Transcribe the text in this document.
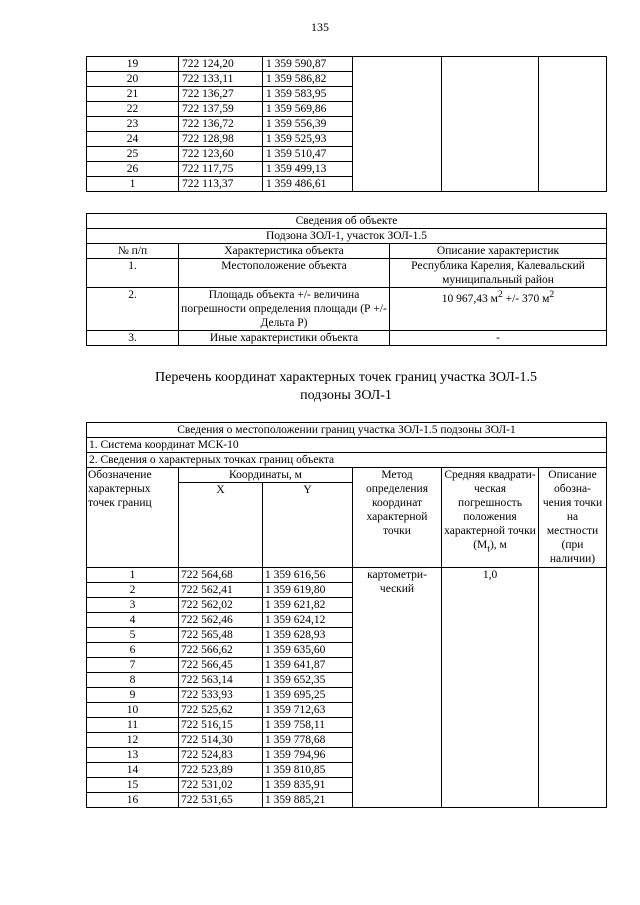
135
19	722 124,20	1 359 590,87			
20	722 133,11	1 359 586,82			
21	722 136,27	1 359 583,95			
22	722 137,59	1 359 569,86			
23	722 136,72	1 359 556,39			
24	722 128,98	1 359 525,93			
25	722 123,60	1 359 510,47			
26	722 117,75	1 359 499,13			
1	722 113,37	1 359 486,61			
Сведения об объекте		
Подзона ЗОЛ-1, участок ЗОЛ-1.5		
№ п/п	Характеристика объекта	Описание характеристик
1.	Местоположение объекта	Республика Карелия, Калевальский муниципальный район
2.	Площадь объекта +/- величина погрешности определения площади (Р +/- Дельта Р)	10 967,43 $м^2$ +/- 370 $м^2$
3.	Иные характеристики объекта	-
Перечень координат характерных точек границ участка ЗОЛ-1.5
подзоны ЗОЛ-1
Сведения о местоположении границ участка ЗОЛ-1.5 подзоны ЗОЛ-1					
1. Система координат МСК-10					
2. Сведения о характерных точках границ объекта					
Обозначение характерных точек границ	Координаты, м		Метод определения координат характерной точки	Средняя квадрати-ческая погрешность положения характерной точки $(М_t)$, м	Описание обозна-чения точки на местности (при наличии)
	X	Y			
1	722 564,68	1 359 616,56	картометри-ческий	1,0	
2	722 562,41	1 359 619,80			
3	722 562,02	1 359 621,82			
4	722 562,46	1 359 624,12			
5	722 565,48	1 359 628,93			
6	722 566,62	1 359 635,60			
7	722 566,45	1 359 641,87			
8	722 563,14	1 359 652,35			
9	722 533,93	1 359 695,25			
10	722 525,62	1 359 712,63			
11	722 516,15	1 359 758,11			
12	722 514,30	1 359 778,68			
13	722 524,83	1 359 794,96			
14	722 523,89	1 359 810,85			
15	722 531,02	1 359 835,91			
16	722 531,65	1 359 885,21			
